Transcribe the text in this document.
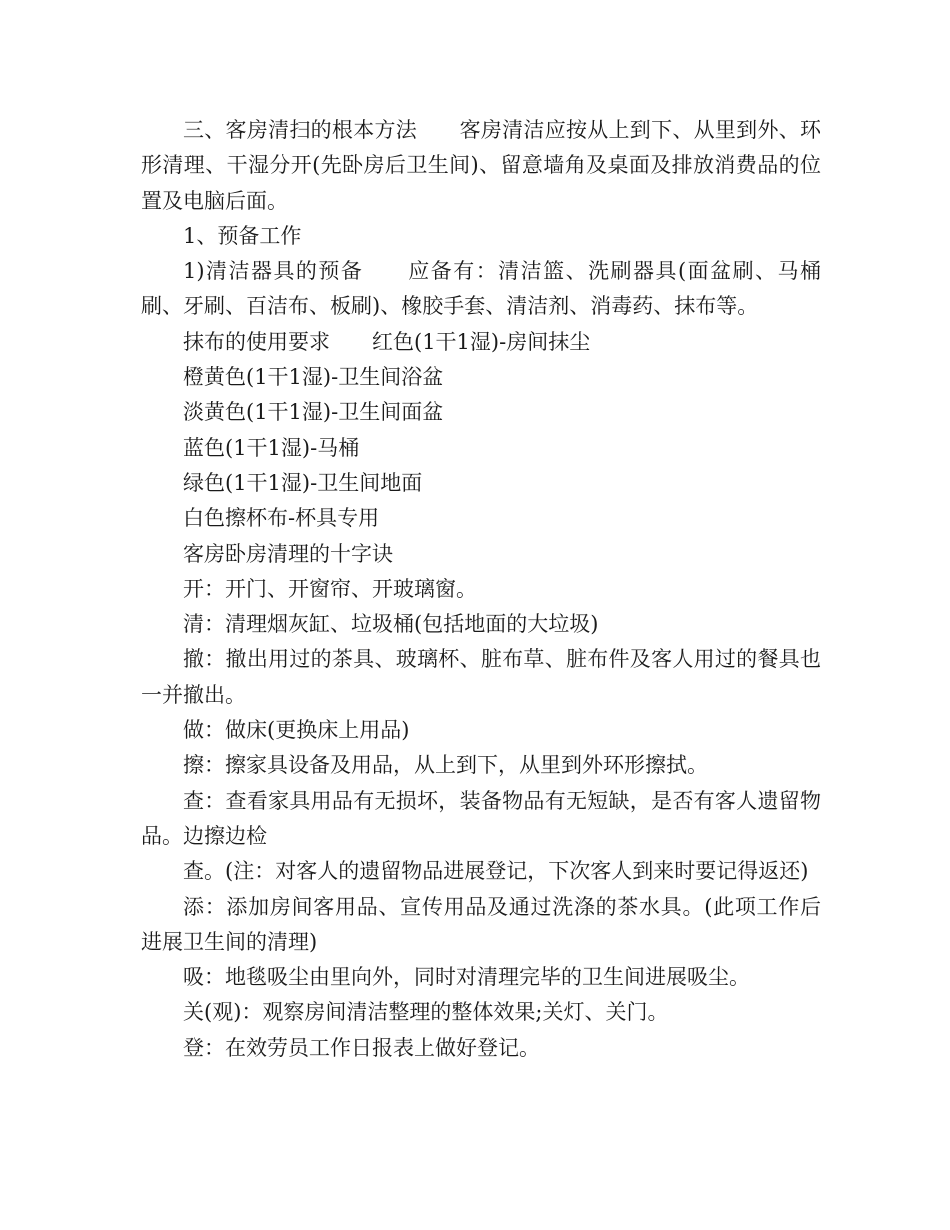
三、客房清扫的根本方法　　客房清洁应按从上到下、从里到外、环形清理、干湿分开(先卧房后卫生间)、留意墙角及桌面及排放消费品的位置及电脑后面。

1、预备工作

1)清洁器具的预备　　应备有：清洁篮、洗刷器具(面盆刷、马桶刷、牙刷、百洁布、板刷)、橡胶手套、清洁剂、消毒药、抹布等。

抹布的使用要求　　红色(1干1湿)-房间抹尘

橙黄色(1干1湿)-卫生间浴盆

淡黄色(1干1湿)-卫生间面盆

蓝色(1干1湿)-马桶

绿色(1干1湿)-卫生间地面

白色擦杯布-杯具专用

客房卧房清理的十字诀

开：开门、开窗帘、开玻璃窗。

清：清理烟灰缸、垃圾桶(包括地面的大垃圾)

撤：撤出用过的茶具、玻璃杯、脏布草、脏布件及客人用过的餐具也一并撤出。

做：做床(更换床上用品)

擦：擦家具设备及用品，从上到下，从里到外环形擦拭。

查：查看家具用品有无损坏，装备物品有无短缺，是否有客人遗留物品。边擦边检

查。(注：对客人的遗留物品进展登记，下次客人到来时要记得返还)

添：添加房间客用品、宣传用品及通过洗涤的茶水具。(此项工作后进展卫生间的清理)

吸：地毯吸尘由里向外，同时对清理完毕的卫生间进展吸尘。

关(观)：观察房间清洁整理的整体效果;关灯、关门。

登：在效劳员工作日报表上做好登记。
